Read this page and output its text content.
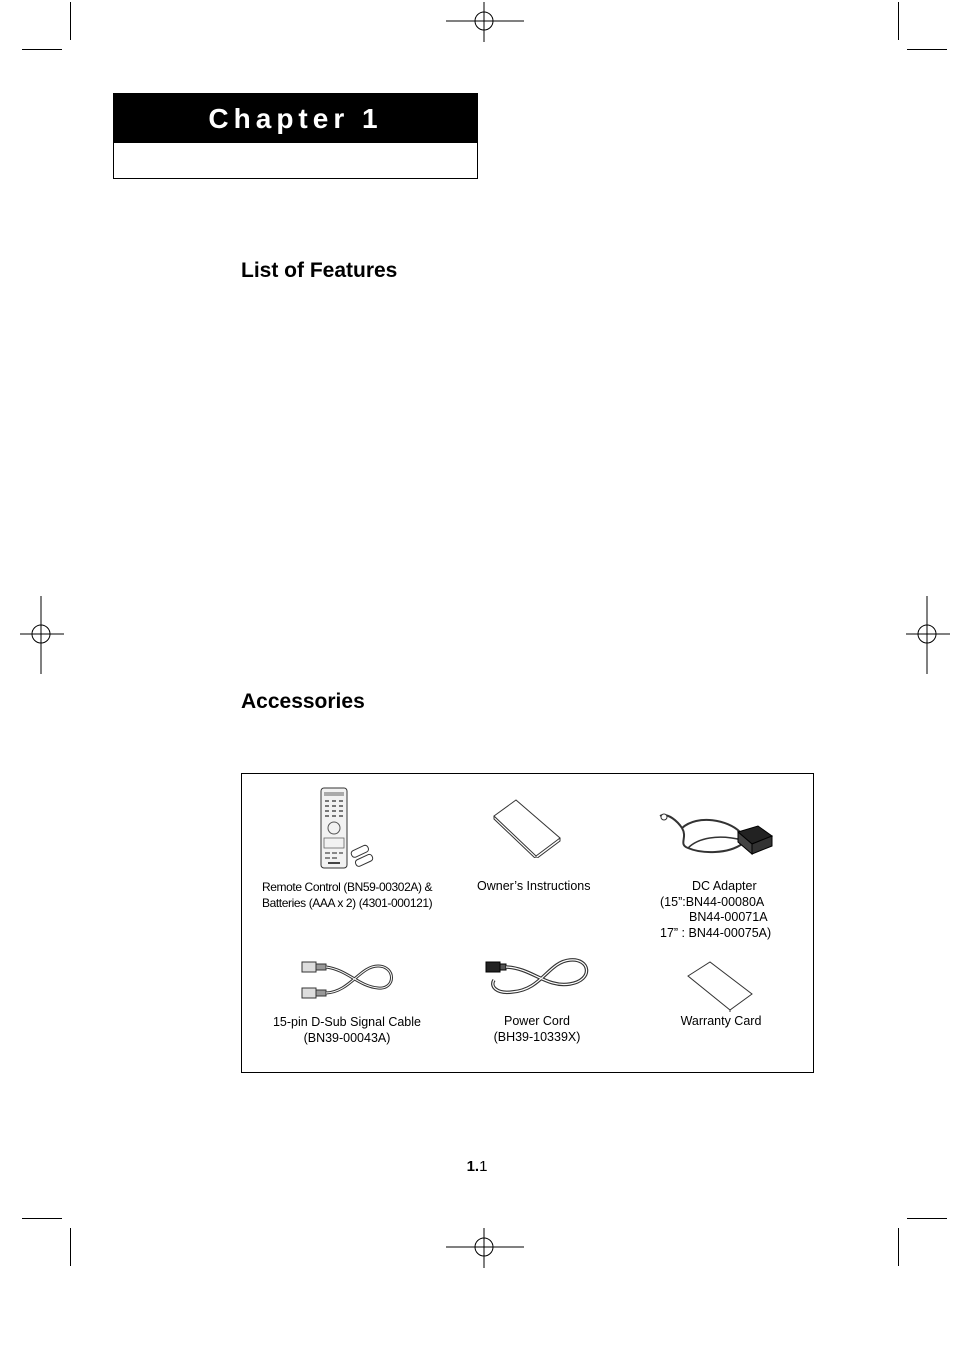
Chapter 1
List of Features
Accessories
Remote Control (BN59-00302A) &
Batteries (AAA x 2) (4301-000121)
Owner’s Instructions	DC Adapter
(15”:BN44-00080A
BN44-00071A
17” : BN44-00075A)
15-pin D-Sub Signal Cable
(BN39-00043A)
Power Cord
(BH39-10339X)
Warranty Card
1.1
